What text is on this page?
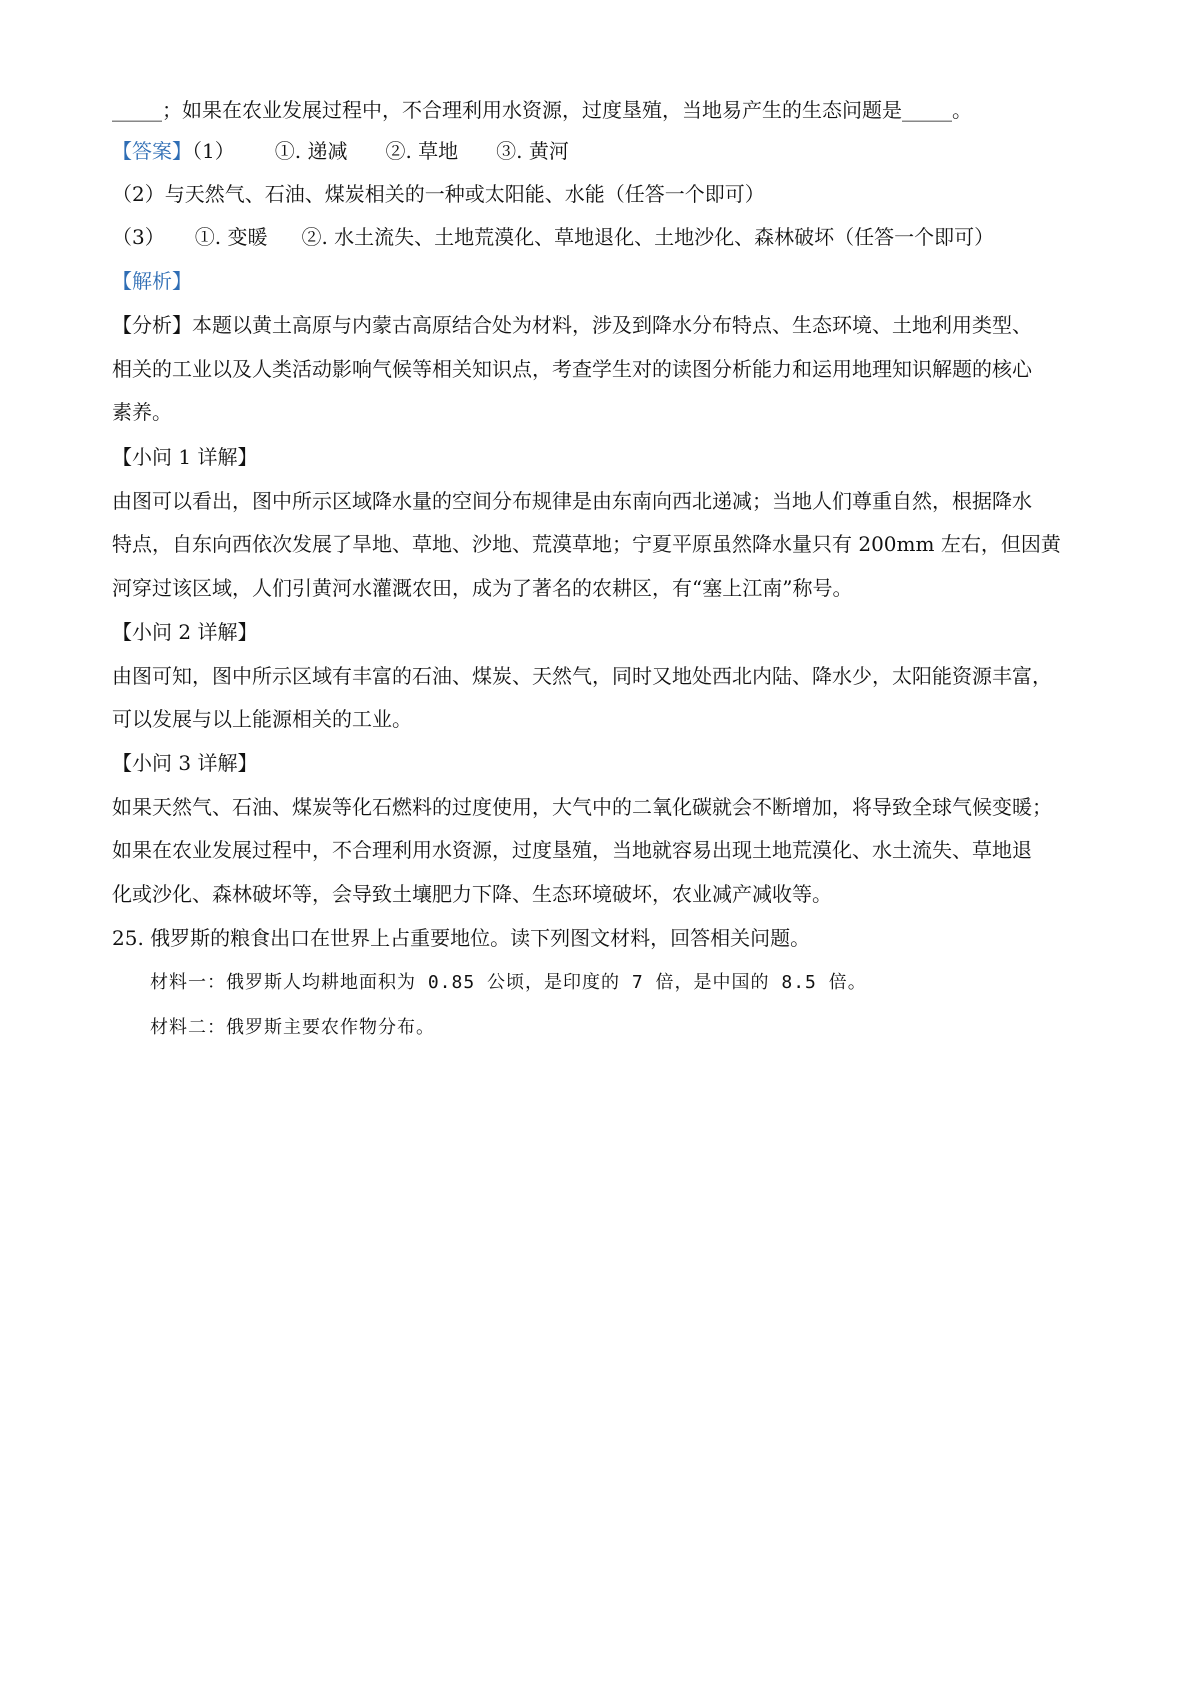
_____；如果在农业发展过程中，不合理利用水资源，过度垦殖，当地易产生的生态问题是_____。
【答案】（1） ①. 递减 ②. 草地 ③. 黄河
（2）与天然气、石油、煤炭相关的一种或太阳能、水能（任答一个即可）
（3） ①. 变暖 ②. 水土流失、土地荒漠化、草地退化、土地沙化、森林破坏（任答一个即可）
【解析】
【分析】本题以黄土高原与内蒙古高原结合处为材料，涉及到降水分布特点、生态环境、土地利用类型、
相关的工业以及人类活动影响气候等相关知识点，考查学生对的读图分析能力和运用地理知识解题的核心
素养。
【小问 1 详解】
由图可以看出，图中所示区域降水量的空间分布规律是由东南向西北递减；当地人们尊重自然，根据降水
特点，自东向西依次发展了旱地、草地、沙地、荒漠草地；宁夏平原虽然降水量只有 200mm 左右，但因黄
河穿过该区域，人们引黄河水灌溉农田，成为了著名的农耕区，有“塞上江南”称号。
【小问 2 详解】
由图可知，图中所示区域有丰富的石油、煤炭、天然气，同时又地处西北内陆、降水少，太阳能资源丰富，
可以发展与以上能源相关的工业。
【小问 3 详解】
如果天然气、石油、煤炭等化石燃料的过度使用，大气中的二氧化碳就会不断增加，将导致全球气候变暖；
如果在农业发展过程中，不合理利用水资源，过度垦殖，当地就容易出现土地荒漠化、水土流失、草地退
化或沙化、森林破坏等，会导致土壤肥力下降、生态环境破坏，农业减产减收等。
25. 俄罗斯的粮食出口在世界上占重要地位。读下列图文材料，回答相关问题。
材料一：俄罗斯人均耕地面积为 0.85 公顷，是印度的 7 倍，是中国的 8.5 倍。
材料二：俄罗斯主要农作物分布。
